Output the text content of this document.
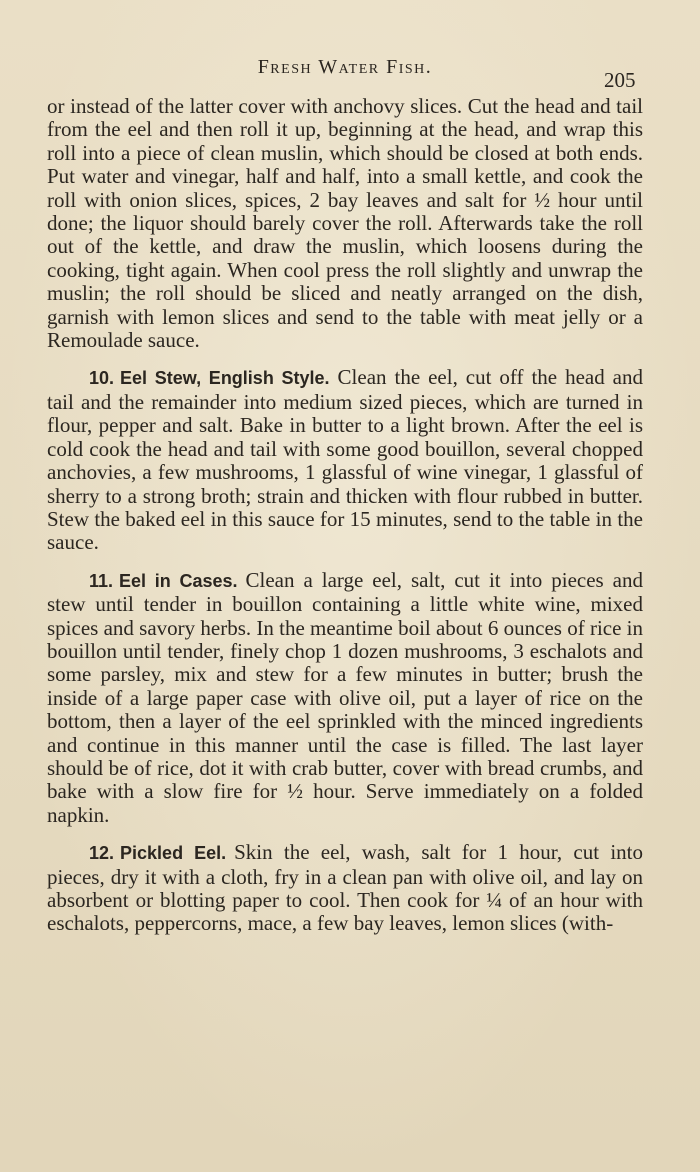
Fresh Water Fish.
205

or instead of the latter cover with anchovy slices. Cut the head and tail from the eel and then roll it up, beginning at the head, and wrap this roll into a piece of clean muslin, which should be closed at both ends. Put water and vinegar, half and half, into a small kettle, and cook the roll with onion slices, spices, 2 bay leaves and salt for ½ hour until done; the liquor should barely cover the roll. Afterwards take the roll out of the kettle, and draw the muslin, which loosens during the cooking, tight again. When cool press the roll slightly and unwrap the muslin; the roll should be sliced and neatly arranged on the dish, garnish with lemon slices and send to the table with meat jelly or a Remoulade sauce.

10. Eel Stew, English Style. Clean the eel, cut off the head and tail and the remainder into medium sized pieces, which are turned in flour, pepper and salt. Bake in butter to a light brown. After the eel is cold cook the head and tail with some good bouillon, several chopped anchovies, a few mushrooms, 1 glassful of wine vinegar, 1 glassful of sherry to a strong broth; strain and thicken with flour rubbed in butter. Stew the baked eel in this sauce for 15 minutes, send to the table in the sauce.

11. Eel in Cases. Clean a large eel, salt, cut it into pieces and stew until tender in bouillon containing a little white wine, mixed spices and savory herbs. In the meantime boil about 6 ounces of rice in bouillon until tender, finely chop 1 dozen mushrooms, 3 eschalots and some parsley, mix and stew for a few minutes in butter; brush the inside of a large paper case with olive oil, put a layer of rice on the bottom, then a layer of the eel sprinkled with the minced ingredients and continue in this manner until the case is filled. The last layer should be of rice, dot it with crab butter, cover with bread crumbs, and bake with a slow fire for ½ hour. Serve immediately on a folded napkin.

12. Pickled Eel. Skin the eel, wash, salt for 1 hour, cut into pieces, dry it with a cloth, fry in a clean pan with olive oil, and lay on absorbent or blotting paper to cool. Then cook for ¼ of an hour with eschalots, peppercorns, mace, a few bay leaves, lemon slices (with-
